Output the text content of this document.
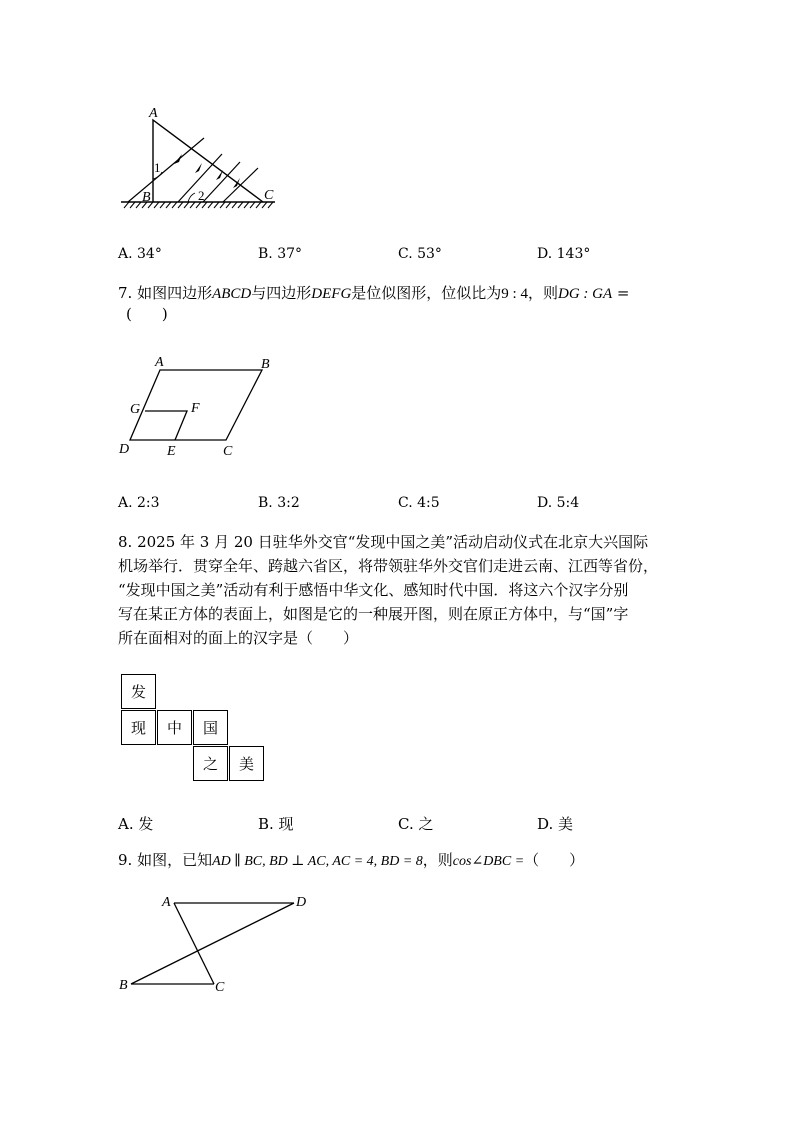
A
B	C
1
2
A. 34°	B. 37°	C. 53°	D. 143°
7. 如图四边形ABCD与四边形DEFG是位似图形，位似比为9 : 4，则DG : GA =
(　　)
A	B
C
D	E
F
G
A. 2:3	B. 3:2	C. 4:5	D. 5:4
8. 2025 年 3 月 20 日驻华外交官“发现中国之美”活动启动仪式在北京大兴国际
机场举行．贯穿全年、跨越六省区，将带领驻华外交官们走进云南、江西等省份，
“发现中国之美”活动有利于感悟中华文化、感知时代中国．将这六个汉字分别
写在某正方体的表面上，如图是它的一种展开图，则在原正方体中，与“国”字
所在面相对的面上的汉字是（　　）
发
现	中	国
之	美
A. 发	B. 现	C. 之	D. 美
9. 如图，已知AD ∥ BC, BD ⊥ AC, AC = 4, BD = 8，则cos∠DBC =（　　）
A	D
B	C
